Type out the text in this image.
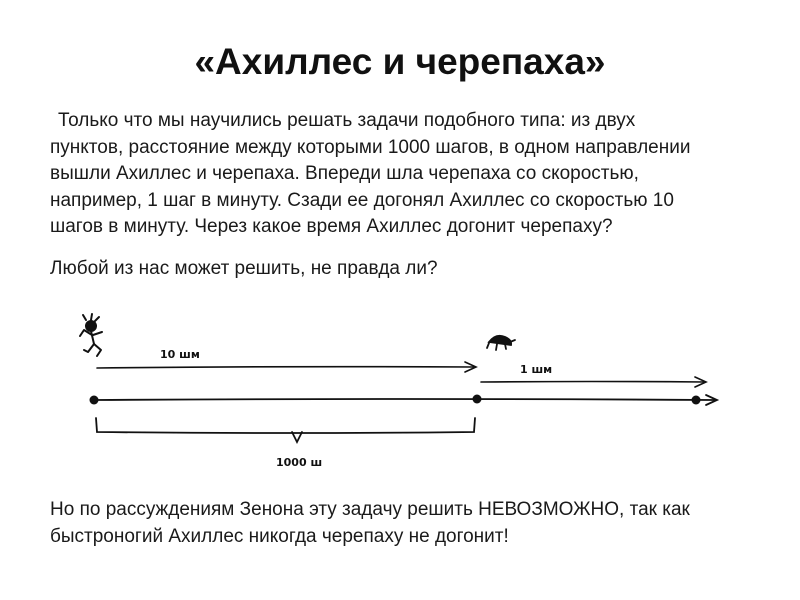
«Ахиллес и черепаха»

Только что мы научились решать задачи подобного типа: из двух
пунктов, расстояние между которыми 1000 шагов, в одном направлении
вышли Ахиллес и черепаха. Впереди шла черепаха со скоростью,
например, 1 шаг в минуту. Сзади ее догонял Ахиллес со скоростью 10
шагов в минуту. Через какое время Ахиллес догонит черепаху?

Любой из нас может решить, не правда ли?

10 шм
1 шм
1000 ш

Но по рассуждениям Зенона эту задачу решить НЕВОЗМОЖНО, так как
быстроногий Ахиллес никогда черепаху не догонит!
